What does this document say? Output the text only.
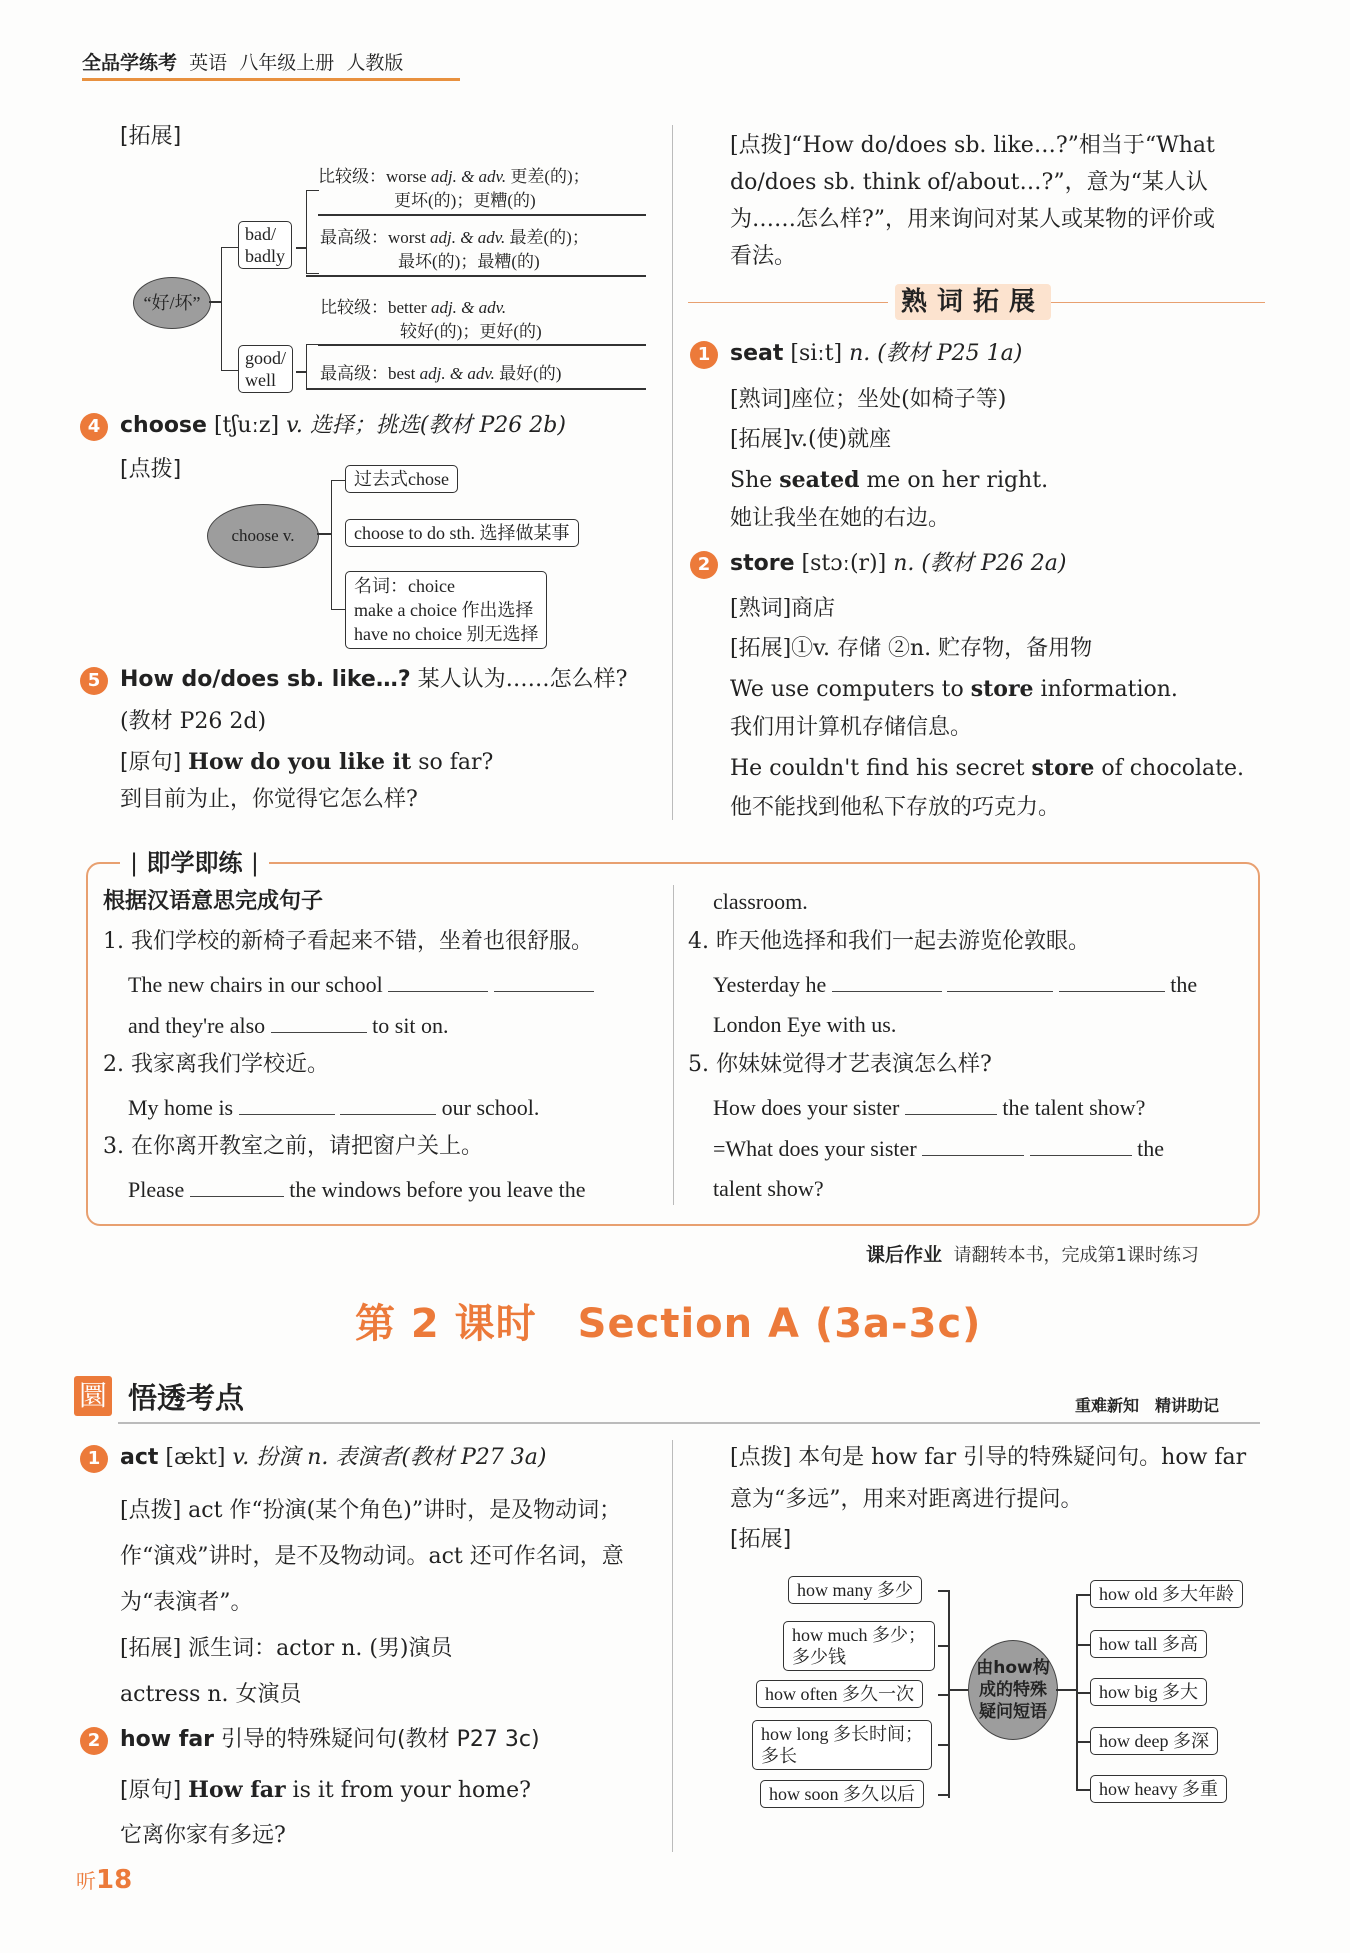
全品学练考 英语 八年级上册 人教版
[拓展]
“好/坏”
bad/
badly
比较级：worse adj. & adv. 更差(的)；
更坏(的)；更糟(的)
最高级：worst adj. & adv. 最差(的)；
最坏(的)；最糟(的)
good/
well
比较级：better adj. & adv.
较好(的)；更好(的)
最高级：best adj. & adv. 最好(的)
4 choose [tʃuːz] v. 选择；挑选(教材 P26 2b)
[点拨]
choose v.
过去式chose
choose to do sth. 选择做某事
名词：choice
make a choice 作出选择
have no choice 别无选择
5 How do/does sb. like…? 某人认为……怎么样?
(教材 P26 2d)
[原句] How do you like it so far?
到目前为止，你觉得它怎么样?
[点拨]“How do/does sb. like…?”相当于“What
do/does sb. think of/about…?”，意为“某人认
为……怎么样?”，用来询问对某人或某物的评价或
看法。
熟词拓展
1 seat [siːt] n. (教材 P25 1a)
[熟词]座位；坐处(如椅子等)
[拓展]v.(使)就座
She seated me on her right.
她让我坐在她的右边。
2 store [stɔː(r)] n. (教材 P26 2a)
[熟词]商店
[拓展]①v. 存储 ②n. 贮存物，备用物
We use computers to store information.
我们用计算机存储信息。
He couldn't find his secret store of chocolate.
他不能找到他私下存放的巧克力。
| 即学即练 |
根据汉语意思完成句子
1. 我们学校的新椅子看起来不错，坐着也很舒服。
The new chairs in our school
and they're also	to sit on.
2. 我家离我们学校近。
My home is	our school.
3. 在你离开教室之前，请把窗户关上。
Please	the windows before you leave the
classroom.
4. 昨天他选择和我们一起去游览伦敦眼。
Yesterday he	the
London Eye with us.
5. 你妹妹觉得才艺表演怎么样?
How does your sister	the talent show?
=What does your sister	the
talent show?
课后作业 请翻转本书，完成第1课时练习
第 2 课时　Section A (3a-3c)
圜 悟透考点	重难新知　精讲助记
1 act [ækt] v. 扮演 n. 表演者(教材 P27 3a)
[点拨] act 作“扮演(某个角色)”讲时，是及物动词；
作“演戏”讲时，是不及物动词。act 还可作名词，意
为“表演者”。
[拓展] 派生词：actor n. (男)演员
actress n. 女演员
2 how far 引导的特殊疑问句(教材 P27 3c)
[原句] How far is it from your home?
它离你家有多远?
[点拨] 本句是 how far 引导的特殊疑问句。how far
意为“多远”，用来对距离进行提问。
[拓展]
由how构
成的特殊
疑问短语
how many 多少
how much 多少；
多少钱
how often 多久一次
how long 多长时间；
多长
how soon 多久以后
how old 多大年龄
how tall 多高
how big 多大
how deep 多深
how heavy 多重
听18
